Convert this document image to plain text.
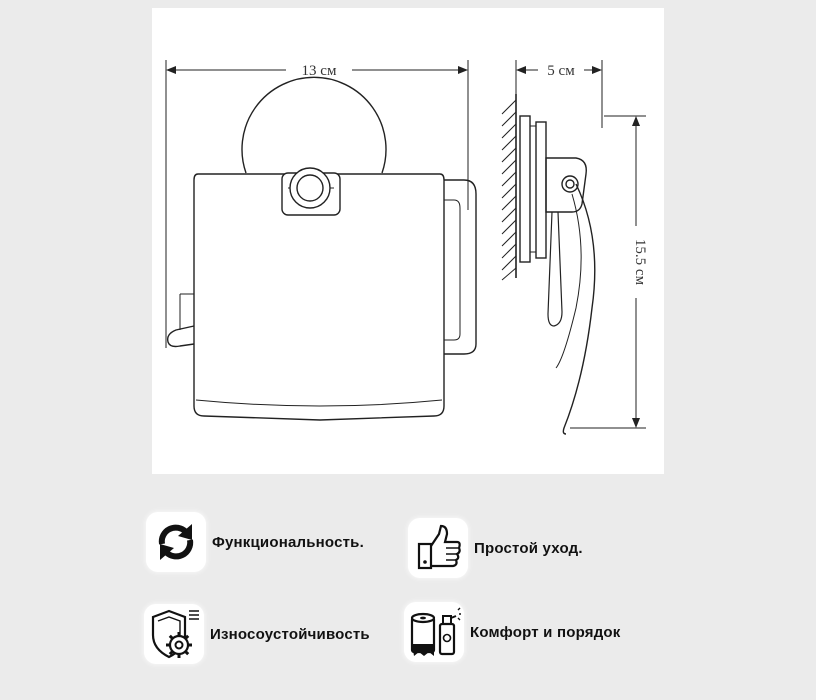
13 см	5 см
15.5 см
Функциональность.	Простой уход.
Износоустойчивость	Комфорт и порядок
